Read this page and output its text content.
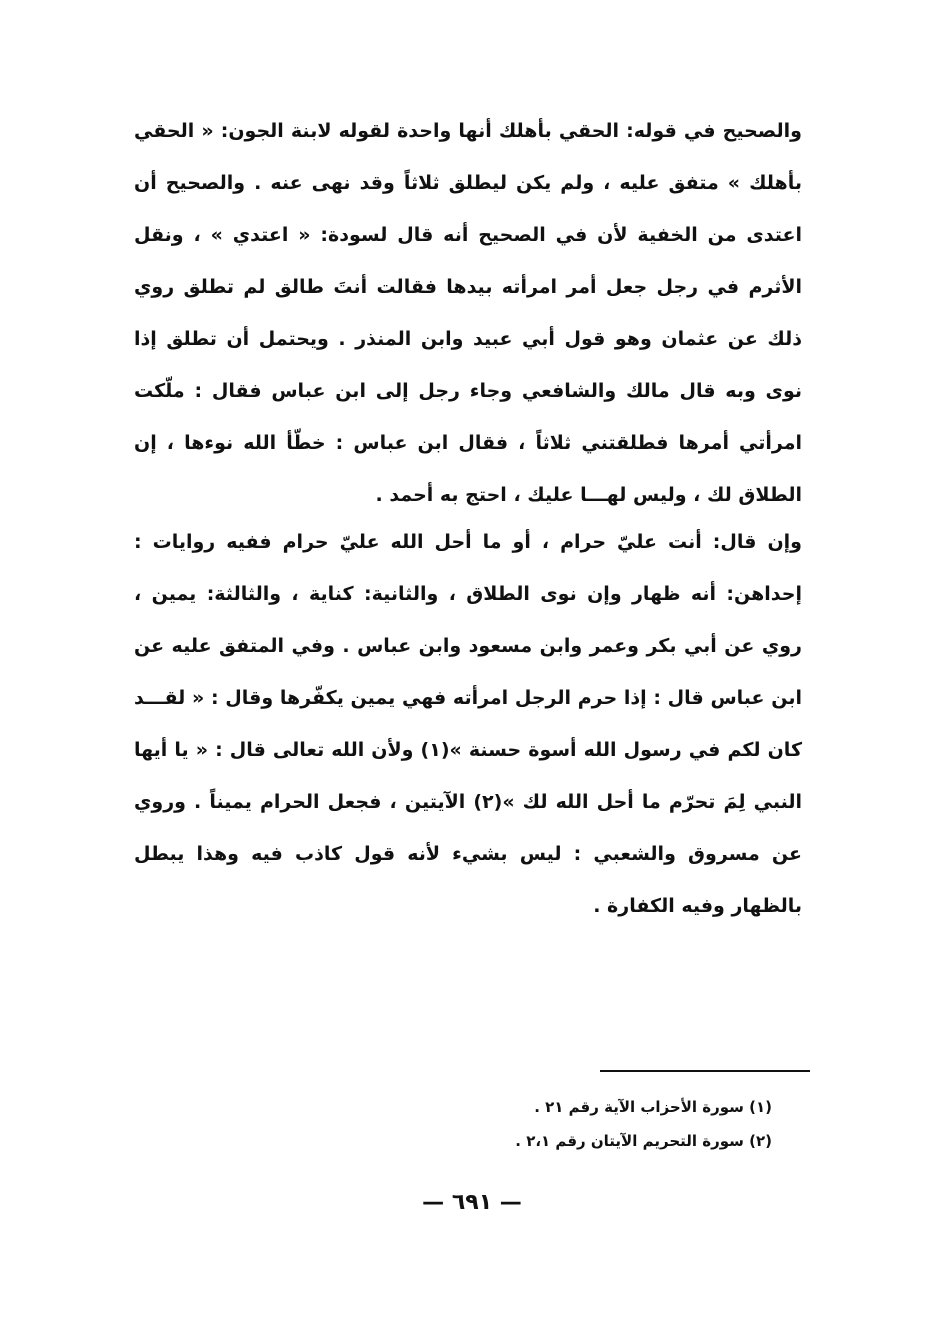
والصحيح في قوله: الحقي بأهلك أنها واحدة لقوله لابنة الجون: « الحقي بأهلك » متفق عليه ، ولم يكن ليطلق ثلاثاً وقد نهى عنه . والصحيح أن اعتدى من الخفية لأن في الصحيح أنه قال لسودة: « اعتدي » ، ونقل الأثرم في رجل جعل أمر امرأته بيدها فقالت أنتَ طالق لم تطلق روي ذلك عن عثمان وهو قول أبي عبيد وابن المنذر . ويحتمل أن تطلق إذا نوى وبه قال مالك والشافعي وجاء رجل إلى ابن عباس فقال : ملّكت امرأتي أمرها فطلقتني ثلاثاً ، فقال ابن عباس : خطّأ الله نوءها ، إن الطلاق لك ، وليس لهـــا عليك ، احتج به أحمد .

وإن قال: أنت عليّ حرام ، أو ما أحل الله عليّ حرام ففيه روايات : إحداهن: أنه ظهار وإن نوى الطلاق ، والثانية: كناية ، والثالثة: يمين ، روي عن أبي بكر وعمر وابن مسعود وابن عباس . وفي المتفق عليه عن ابن عباس قال : إذا حرم الرجل امرأته فهي يمين يكفّرها وقال : « لقـــد كان لكم في رسول الله أسوة حسنة »(١) ولأن الله تعالى قال : « يا أيها النبي لِمَ تحرّم ما أحل الله لك »(٢) الآيتين ، فجعل الحرام يميناً . وروي عن مسروق والشعبي : ليس بشيء لأنه قول كاذب فيه وهذا يبطل بالظهار وفيه الكفارة .

(١) سورة الأحزاب الآية رقم ٢١ .
(٢) سورة التحريم الآيتان رقم ٢،١ .
— ٦٩١ —
